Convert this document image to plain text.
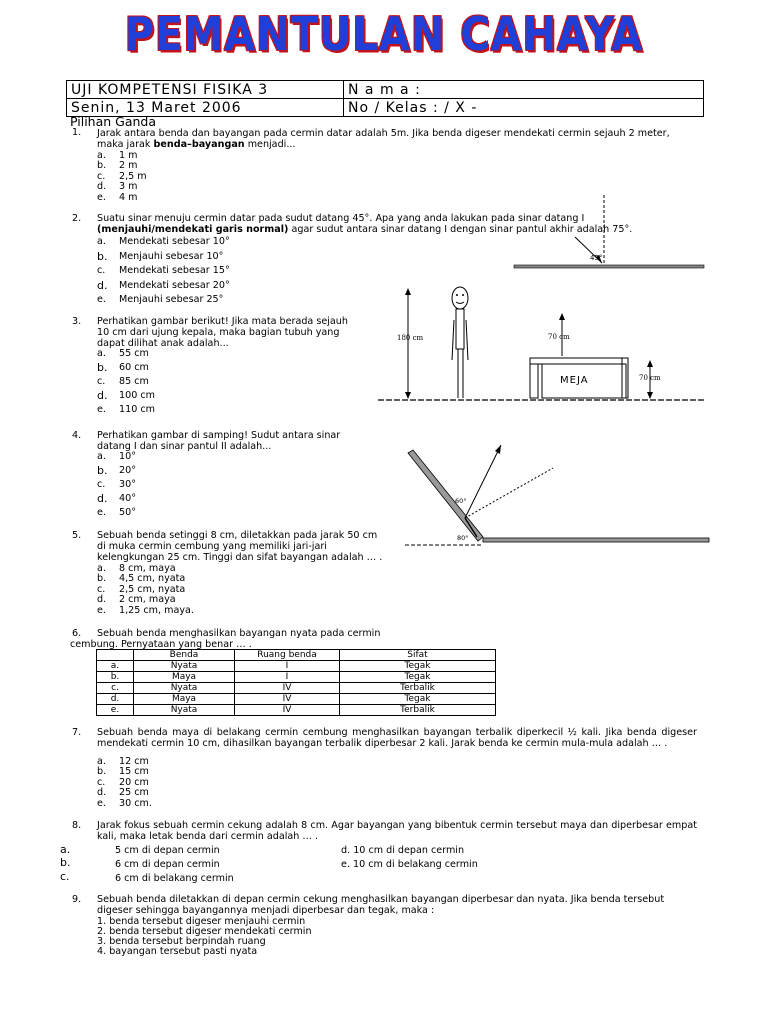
PEMANTULAN CAHAYA
UJI KOMPETENSI FISIKA 3	N a m a :
Senin, 13 Maret 2006	No / Kelas : / X -
Pilihan Ganda
1. Jarak antara benda dan bayangan pada cermin datar adalah 5m. Jika benda digeser mendekati cermin sejauh 2 meter,
maka jarak benda–bayangan menjadi...
a. 1 m
b. 2 m
c. 2,5 m
d. 3 m
e. 4 m
2. Suatu sinar menuju cermin datar pada sudut datang 45°. Apa yang anda lakukan pada sinar datang I
(menjauhi/mendekati garis normal) agar sudut antara sinar datang I dengan sinar pantul akhir adalah 75°.
a. Mendekati sebesar 10°
b. Menjauhi sebesar 10°
c. Mendekati sebesar 15°
d. Mendekati sebesar 20°
e. Menjauhi sebesar 25°
45°
3. Perhatikan gambar berikut! Jika mata berada sejauh
10 cm dari ujung kepala, maka bagian tubuh yang
dapat dilihat anak adalah...
a. 55 cm
b. 60 cm
c. 85 cm
d. 100 cm
e. 110 cm
180 cm	70 cm
MEJA	70 cm
4. Perhatikan gambar di samping! Sudut antara sinar
datang I dan sinar pantul II adalah...
a. 10°
b. 20°
c. 30°
d. 40°
e. 50°
60°
80°
5. Sebuah benda setinggi 8 cm, diletakkan pada jarak 50 cm
di muka cermin cembung yang memiliki jari-jari
kelengkungan 25 cm. Tinggi dan sifat bayangan adalah … .
a. 8 cm, maya
b. 4,5 cm, nyata
c. 2,5 cm, nyata
d. 2 cm, maya
e. 1,25 cm, maya.
6. Sebuah benda menghasilkan bayangan nyata pada cermin
cembung. Pernyataan yang benar … .
	Benda	Ruang benda	Sifat
a.	Nyata	I	Tegak
b.	Maya	I	Tegak
c.	Nyata	IV	Terbalik
d.	Maya	IV	Tegak
e.	Nyata	IV	Terbalik
7. Sebuah benda maya di belakang cermin cembung menghasilkan bayangan terbalik diperkecil ½ kali. Jika benda digeser mendekati cermin 10 cm, dihasilkan bayangan terbalik diperbesar 2 kali. Jarak benda ke cermin mula-mula adalah … .
a. 12 cm
b. 15 cm
c. 20 cm
d. 25 cm
e. 30 cm.
8. Jarak fokus sebuah cermin cekung adalah 8 cm. Agar bayangan yang bibentuk cermin tersebut maya dan diperbesar empat kali, maka letak benda dari cermin adalah … .
a.	5 cm di depan cermin
b.	6 cm di depan cermin
c.	6 cm di belakang cermin
d. 10 cm di depan cermin
e. 10 cm di belakang cermin
9. Sebuah benda diletakkan di depan cermin cekung menghasilkan bayangan diperbesar dan nyata. Jika benda tersebut
digeser sehingga bayangannya menjadi diperbesar dan tegak, maka :
1. benda tersebut digeser menjauhi cermin
2. benda tersebut digeser mendekati cermin
3. benda tersebut berpindah ruang
4. bayangan tersebut pasti nyata
